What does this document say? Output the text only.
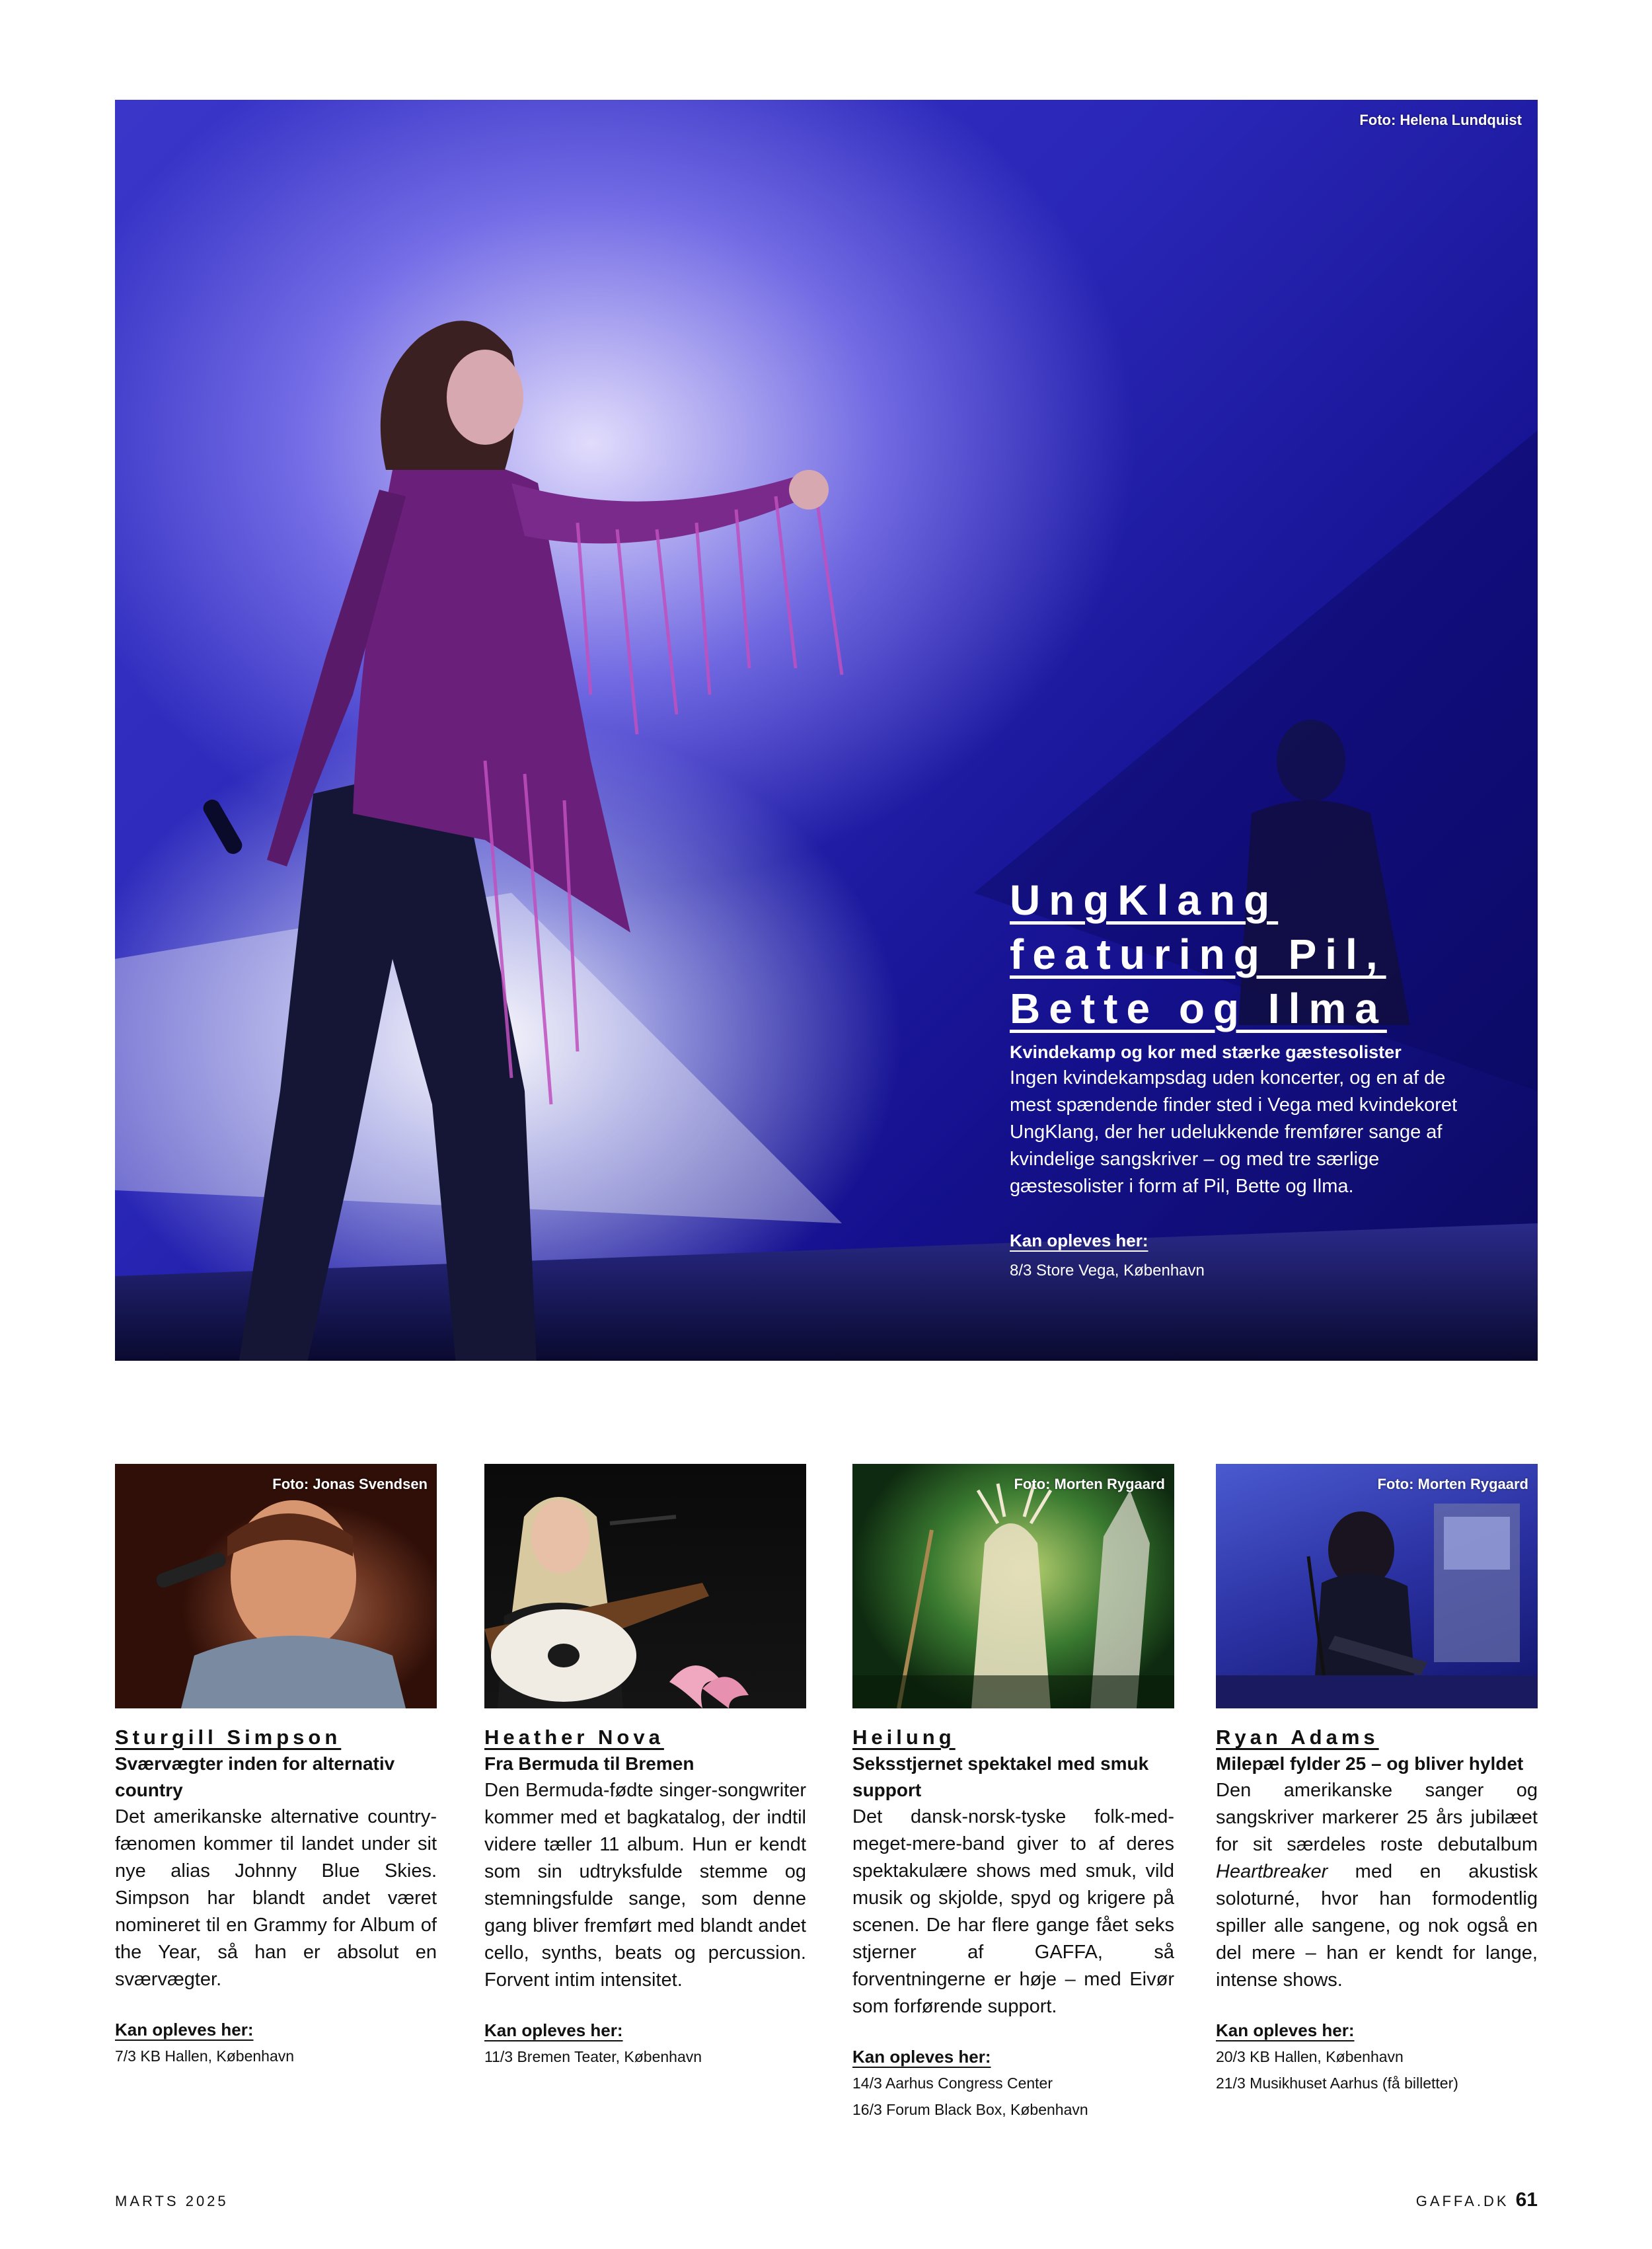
Foto: Helena Lundquist
UngKlang
featuring Pil,
Bette og Ilma
Kvindekamp og kor med stærke gæstesolister
Ingen kvindekampsdag uden koncerter, og en af de mest spændende finder sted i Vega med kvindekoret UngKlang, der her udelukkende fremfører sange af kvindelige sangskriver – og med tre særlige gæstesolister i form af Pil, Bette og Ilma.
Kan opleves her:
8/3 Store Vega, København
Foto: Jonas Svendsen
Sturgill Simpson
Sværvægter inden for alternativ country
Det amerikanske alternative country-fænomen kommer til landet under sit nye alias Johnny Blue Skies. Simpson har blandt andet været nomineret til en Grammy for Album of the Year, så han er absolut en sværvægter.
Kan opleves her:
7/3 KB Hallen, København
Heather Nova
Fra Bermuda til Bremen
Den Bermuda-fødte singer-songwriter kommer med et bagkatalog, der indtil videre tæller 11 album. Hun er kendt som sin udtryksfulde stemme og stemningsfulde sange, som denne gang bliver fremført med blandt andet cello, synths, beats og percussion. Forvent intim intensitet.
Kan opleves her:
11/3 Bremen Teater, København
Foto: Morten Rygaard
Heilung
Seksstjernet spektakel med smuk support
Det dansk-norsk-tyske folk-med-meget-mere-band giver to af deres spektakulære shows med smuk, vild musik og skjolde, spyd og krigere på scenen. De har flere gange fået seks stjerner af GAFFA, så forventningerne er høje – med Eivør som forførende support.
Kan opleves her:
14/3 Aarhus Congress Center
16/3 Forum Black Box, København
Foto: Morten Rygaard
Ryan Adams
Milepæl fylder 25 – og bliver hyldet
Den amerikanske sanger og sangskriver markerer 25 års jubilæet for sit særdeles roste debutalbum Heartbreaker med en akustisk soloturné, hvor han formodentlig spiller alle sangene, og nok også en del mere – han er kendt for lange, intense shows.
Kan opleves her:
20/3 KB Hallen, København
21/3 Musikhuset Aarhus (få billetter)
MARTS 2025	GAFFA.DK 61
